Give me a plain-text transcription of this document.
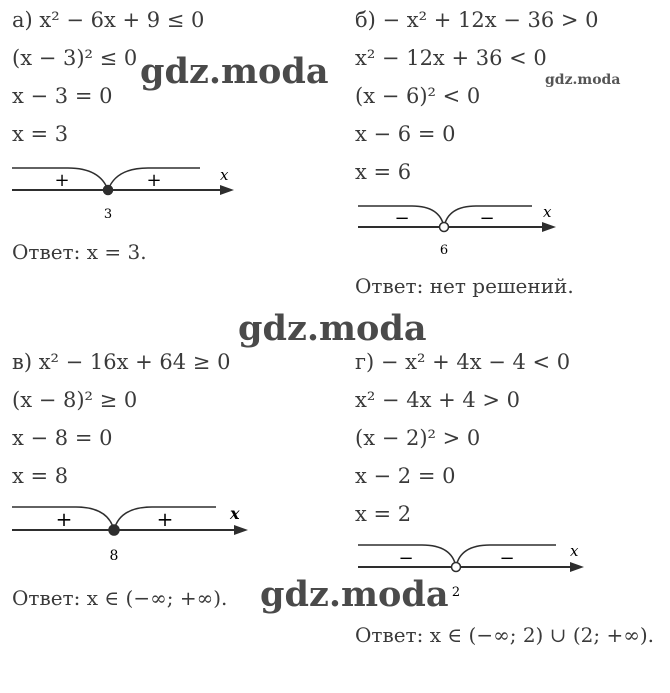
а) x² − 6x + 9 ≤ 0
(x − 3)² ≤ 0
x − 3 = 0
x = 3
+	+	x
3
Ответ: x = 3.
б) − x² + 12x − 36 > 0
x² − 12x + 36 < 0
(x − 6)² < 0
x − 6 = 0
x = 6
−	−	x
6
Ответ: нет решений.
в) x² − 16x + 64 ≥ 0
(x − 8)² ≥ 0
x − 8 = 0
x = 8
+	+	x
8
Ответ: x ∈ (−∞; +∞).
г) − x² + 4x − 4 < 0
x² − 4x + 4 > 0
(x − 2)² > 0
x − 2 = 0
x = 2
−	−	x
2
Ответ: x ∈ (−∞; 2) ∪ (2; +∞).
gdz.moda	gdz.moda
gdz.moda
gdz.moda
